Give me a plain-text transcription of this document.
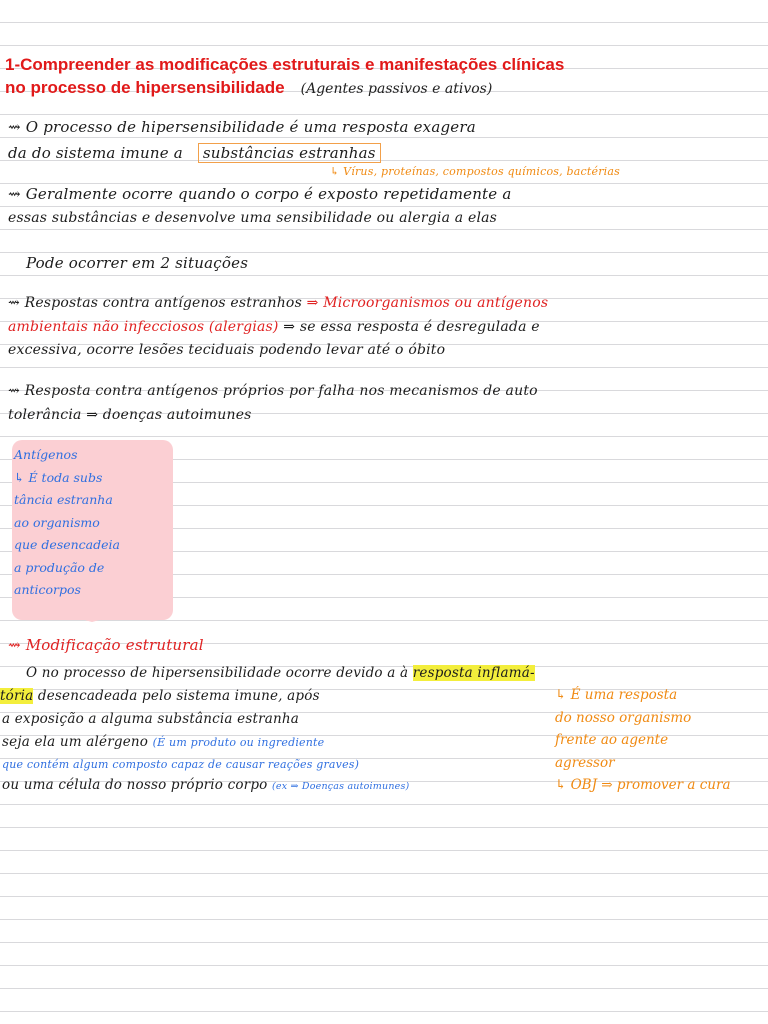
1-Compreender as modificações estruturais e manifestações clínicas
no processo de hipersensibilidade (Agentes passivos e ativos)
⇝ O processo de hipersensibilidade é uma resposta exagera
da do sistema imune a substâncias estranhas
↳ Vírus, proteínas, compostos químicos, bactérias
⇝ Geralmente ocorre quando o corpo é exposto repetidamente a
essas substâncias e desenvolve uma sensibilidade ou alergia a elas
Pode ocorrer em 2 situações
⇝ Respostas contra antígenos estranhos ⇒ Microorganismos ou antígenos
ambientais não infecciosos (alergias) ⇒ se essa resposta é desregulada e
excessiva, ocorre lesões teciduais podendo levar até o óbito
⇝ Resposta contra antígenos próprios por falha nos mecanismos de auto
tolerância ⇒ doenças autoimunes
Antígenos
↳ É toda subs
tância estranha
ao organismo
que desencadeia
a produção de
anticorpos
⇝ Modificação estrutural
O no processo de hipersensibilidade ocorre devido a à resposta inflamá-
tória desencadeada pelo sistema imune, após
a exposição a alguma substância estranha
seja ela um alérgeno (É um produto ou ingrediente
que contém algum composto capaz de causar reações graves)
ou uma célula do nosso próprio corpo (ex ⇒ Doenças autoimunes)
↳ É uma resposta
do nosso organismo
frente ao agente
agressor
↳ OBJ ⇒ promover a cura
